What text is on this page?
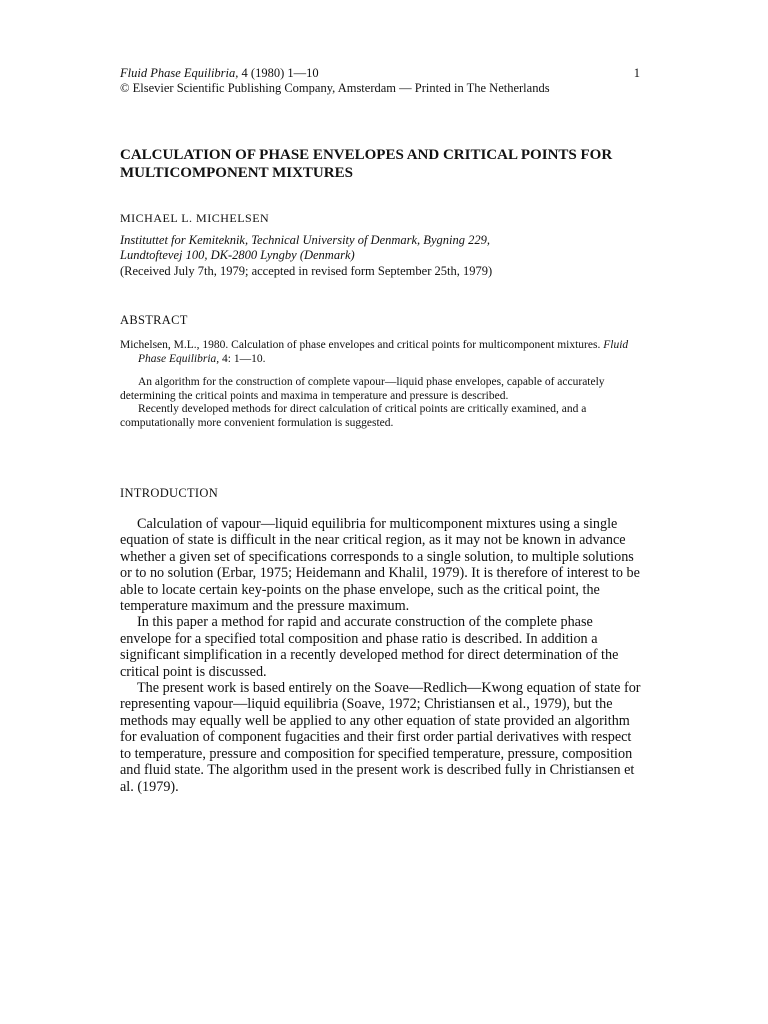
Fluid Phase Equilibria, 4 (1980) 1—10	1
© Elsevier Scientific Publishing Company, Amsterdam — Printed in The Netherlands
CALCULATION OF PHASE ENVELOPES AND CRITICAL POINTS FOR MULTICOMPONENT MIXTURES
MICHAEL L. MICHELSEN
Instituttet for Kemiteknik, Technical University of Denmark, Bygning 229,
Lundtoftevej 100, DK-2800 Lyngby (Denmark)
(Received July 7th, 1979; accepted in revised form September 25th, 1979)
ABSTRACT

Michelsen, M.L., 1980. Calculation of phase envelopes and critical points for multicomponent mixtures. Fluid Phase Equilibria, 4: 1—10.

An algorithm for the construction of complete vapour—liquid phase envelopes, capable of accurately determining the critical points and maxima in temperature and pressure is described.

Recently developed methods for direct calculation of critical points are critically examined, and a computationally more convenient formulation is suggested.

INTRODUCTION

Calculation of vapour—liquid equilibria for multicomponent mixtures using a single equation of state is difficult in the near critical region, as it may not be known in advance whether a given set of specifications corresponds to a single solution, to multiple solutions or to no solution (Erbar, 1975; Heidemann and Khalil, 1979). It is therefore of interest to be able to locate certain key-points on the phase envelope, such as the critical point, the temperature maximum and the pressure maximum.

In this paper a method for rapid and accurate construction of the complete phase envelope for a specified total composition and phase ratio is described. In addition a significant simplification in a recently developed method for direct determination of the critical point is discussed.

The present work is based entirely on the Soave—Redlich—Kwong equation of state for representing vapour—liquid equilibria (Soave, 1972; Christiansen et al., 1979), but the methods may equally well be applied to any other equation of state provided an algorithm for evaluation of component fugacities and their first order partial derivatives with respect to temperature, pressure and composition for specified temperature, pressure, composition and fluid state. The algorithm used in the present work is described fully in Christiansen et al. (1979).
